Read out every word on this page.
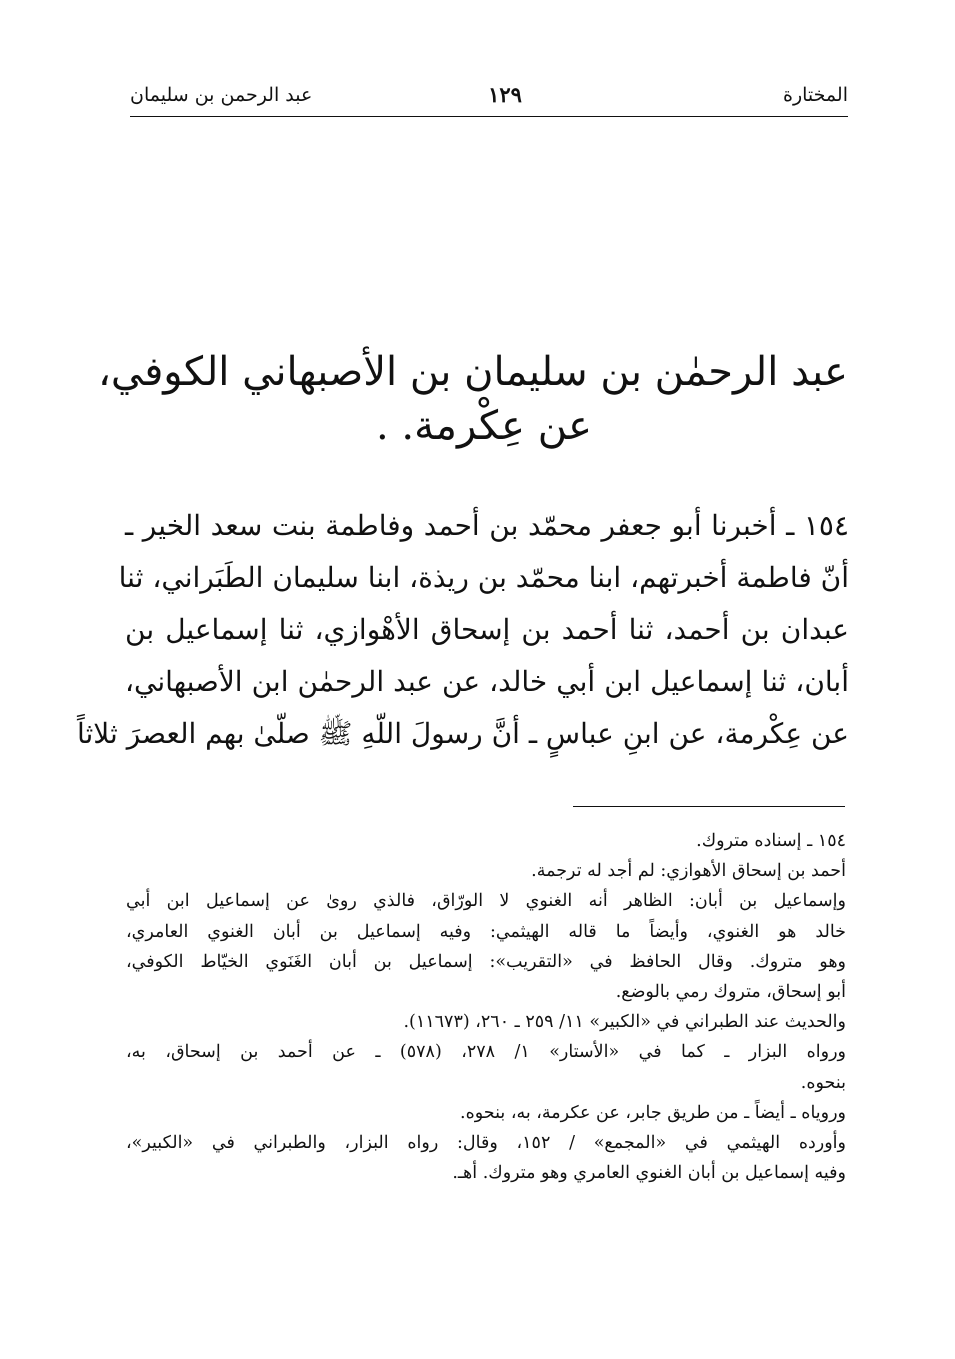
المختارة
١٢٩
عبد الرحمن بن سليمان
عبد الرحمٰن بن سليمان بن الأصبهاني الكوفي،
عن عِكْرمة. .
١٥٤ ـ أخبرنا أبو جعفر محمّد بن أحمد وفاطمة بنت سعد الخير ـ
أنّ فاطمة أخبرتهم، ابنا محمّد بن ريذة، ابنا سليمان الطَبَراني، ثنا
عبدان بن أحمد، ثنا أحمد بن إسحاق الأهْوازي، ثنا إسماعيل بن
أبان، ثنا إسماعيل ابن أبي خالد، عن عبد الرحمٰن ابن الأصبهاني،
عن عِكْرمة، عن ابنِ عباسٍ ـ أنَّ رسولَ اللّهِ ﷺ صلّىٰ بهم العصرَ ثلاثاً
١٥٤ ـ إسناده متروك.
أحمد بن إسحاق الأهوازي: لم أجد له ترجمة.
وإسماعيل بن أبان: الظاهر أنه الغنوي لا الورّاق، فالذي روىٰ عن إسماعيل ابن أبي
خالد هو الغنوي، وأيضاً ما قاله الهيثمي: وفيه إسماعيل بن أبان الغنوي العامري،
وهو متروك. وقال الحافظ في «التقريب»: إسماعيل بن أبان الغَنَوي الخيّاط الكوفي،
أبو إسحاق، متروك رمي بالوضع.
والحديث عند الطبراني في «الكبير» ١١/ ٢٥٩ ـ ٢٦٠، (١١٦٧٣).
ورواه البزار ـ كما في «الأستار» ١/ ٢٧٨، (٥٧٨) ـ عن أحمد بن إسحاق، به،
بنحوه.
وروياه ـ أيضاً ـ من طريق جابر، عن عكرمة، به، بنحوه.
وأورده الهيثمي في «المجمع» / ١٥٢، وقال: رواه البزار، والطبراني في «الكبير»،
وفيه إسماعيل بن أبان الغنوي العامري وهو متروك. أهـ.
